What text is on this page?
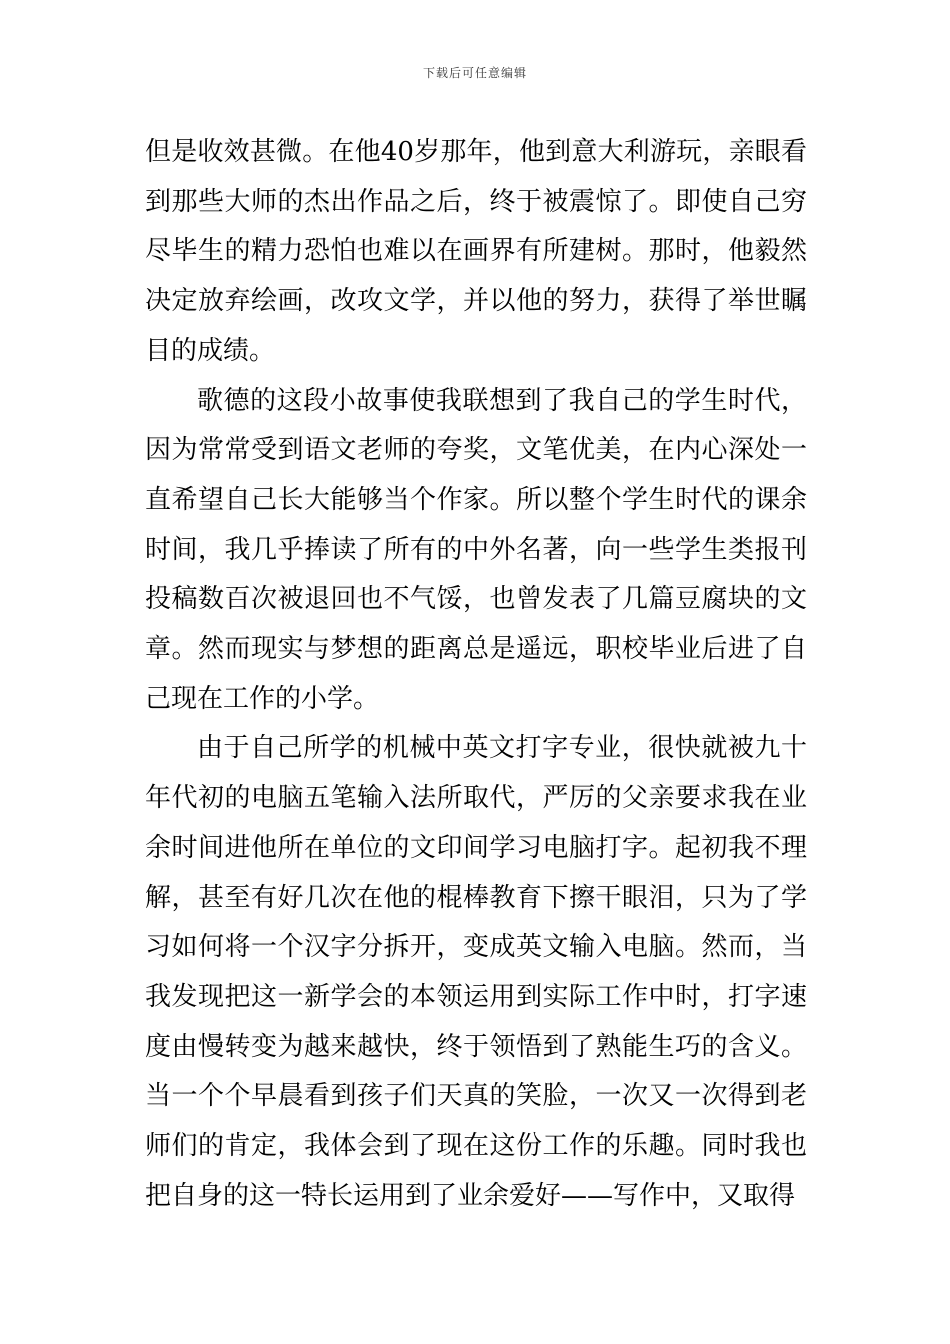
下载后可任意编辑

但是收效甚微。在他40岁那年，他到意大利游玩，亲眼看到那些大师的杰出作品之后，终于被震惊了。即使自己穷尽毕生的精力恐怕也难以在画界有所建树。那时，他毅然决定放弃绘画，改攻文学，并以他的努力，获得了举世瞩目的成绩。

歌德的这段小故事使我联想到了我自己的学生时代，因为常常受到语文老师的夸奖，文笔优美，在内心深处一直希望自己长大能够当个作家。所以整个学生时代的课余时间，我几乎捧读了所有的中外名著，向一些学生类报刊投稿数百次被退回也不气馁，也曾发表了几篇豆腐块的文章。然而现实与梦想的距离总是遥远，职校毕业后进了自己现在工作的小学。

由于自己所学的机械中英文打字专业，很快就被九十年代初的电脑五笔输入法所取代，严厉的父亲要求我在业余时间进他所在单位的文印间学习电脑打字。起初我不理解，甚至有好几次在他的棍棒教育下擦干眼泪，只为了学习如何将一个汉字分拆开，变成英文输入电脑。然而，当我发现把这一新学会的本领运用到实际工作中时，打字速度由慢转变为越来越快，终于领悟到了熟能生巧的含义。当一个个早晨看到孩子们天真的笑脸，一次又一次得到老师们的肯定，我体会到了现在这份工作的乐趣。同时我也把自身的这一特长运用到了业余爱好——写作中，又取得
